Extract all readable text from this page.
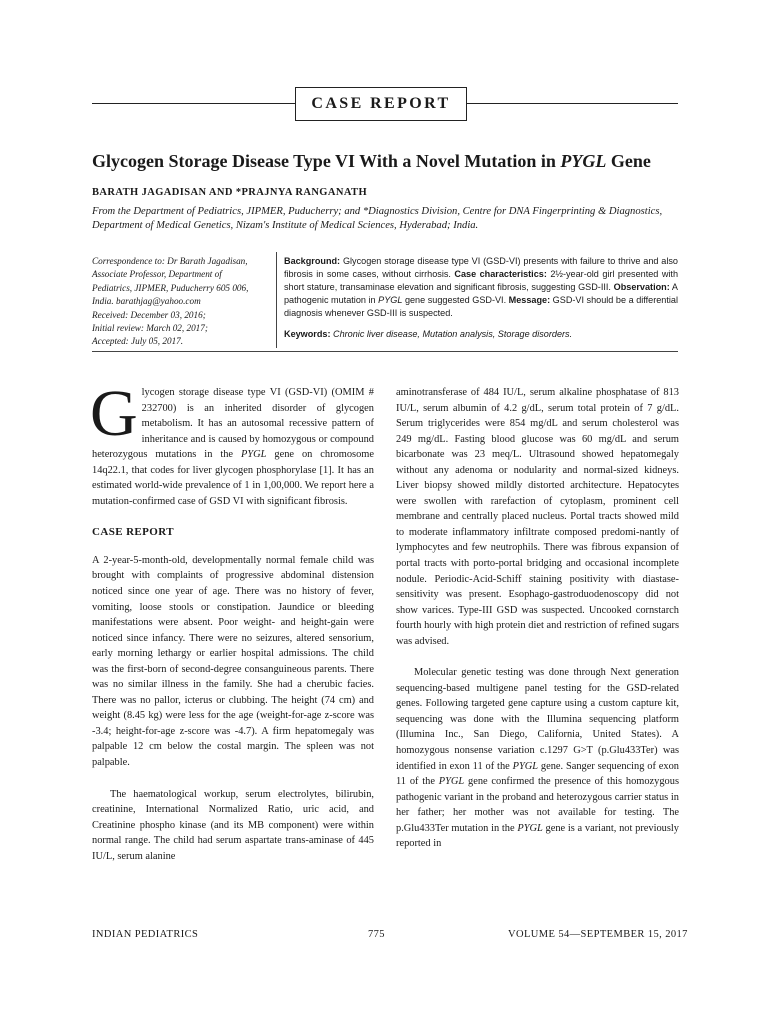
CASE REPORT
Glycogen Storage Disease Type VI With a Novel Mutation in PYGL Gene
BARATH JAGADISAN AND *PRAJNYA RANGANATH
From the Department of Pediatrics, JIPMER, Puducherry; and *Diagnostics Division, Centre for DNA Fingerprinting & Diagnostics, Department of Medical Genetics, Nizam's Institute of Medical Sciences, Hyderabad; India.
Correspondence to: Dr Barath Jagadisan,
Associate Professor, Department of
Pediatrics, JIPMER, Puducherry 605 006,
India. barathjag@yahoo.com
Received: December 03, 2016;
Initial review: March 02, 2017;
Accepted: July 05, 2017.
Background: Glycogen storage disease type VI (GSD-VI) presents with failure to thrive and also fibrosis in some cases, without cirrhosis. Case characteristics: 2½-year-old girl presented with short stature, transaminase elevation and significant fibrosis, suggesting GSD-III. Observation: A pathogenic mutation in PYGL gene suggested GSD-VI. Message: GSD-VI should be a differential diagnosis whenever GSD-III is suspected.
Keywords: Chronic liver disease, Mutation analysis, Storage disorders.

Glycogen storage disease type VI (GSD-VI) (OMIM # 232700) is an inherited disorder of glycogen metabolism. It has an autosomal recessive pattern of inheritance and is caused by homozygous or compound heterozygous mutations in the PYGL gene on chromosome 14q22.1, that codes for liver glycogen phosphorylase [1]. It has an estimated world-wide prevalence of 1 in 1,00,000. We report here a mutation-confirmed case of GSD VI with significant fibrosis.

CASE REPORT

A 2-year-5-month-old, developmentally normal female child was brought with complaints of progressive abdominal distension noticed since one year of age. There was no history of fever, vomiting, loose stools or constipation. Jaundice or bleeding manifestations were absent. Poor weight- and height-gain were noticed since infancy. There were no seizures, altered sensorium, early morning lethargy or earlier hospital admissions. The child was the first-born of second-degree consanguineous parents. There was no similar illness in the family. She had a cherubic facies. There was no pallor, icterus or clubbing. The height (74 cm) and weight (8.45 kg) were less for the age (weight-for-age z-score was -3.4; height-for-age z-score was -4.7). A firm hepatomegaly was palpable 12 cm below the costal margin. The spleen was not palpable.

The haematological workup, serum electrolytes, bilirubin, creatinine, International Normalized Ratio, uric acid, and Creatinine phospho kinase (and its MB component) were within normal range. The child had serum aspartate trans-aminase of 445 IU/L, serum alanine

aminotransferase of 484 IU/L, serum alkaline phosphatase of 813 IU/L, serum albumin of 4.2 g/dL, serum total protein of 7 g/dL. Serum triglycerides were 854 mg/dL and serum cholesterol was 249 mg/dL. Fasting blood glucose was 60 mg/dL and serum bicarbonate was 23 meq/L. Ultrasound showed hepatomegaly without any adenoma or nodularity and normal-sized kidneys. Liver biopsy showed mildly distorted architecture. Hepatocytes were swollen with rarefaction of cytoplasm, prominent cell membrane and centrally placed nucleus. Portal tracts showed mild to moderate inflammatory infiltrate composed predomi-nantly of lymphocytes and few neutrophils. There was fibrous expansion of portal tracts with porto-portal bridging and occasional incomplete nodule. Periodic-Acid-Schiff staining positivity with diastase-sensitivity was present. Esophago-gastroduodenoscopy did not show varices. Type-III GSD was suspected. Uncooked cornstarch fourth hourly with high protein diet and restriction of refined sugars was advised.

Molecular genetic testing was done through Next generation sequencing-based multigene panel testing for the GSD-related genes. Following targeted gene capture using a custom capture kit, sequencing was done with the Illumina sequencing platform (Illumina Inc., San Diego, California, United States). A homozygous nonsense variation c.1297 G>T (p.Glu433Ter) was identified in exon 11 of the PYGL gene. Sanger sequencing of exon 11 of the PYGL gene confirmed the presence of this homozygous pathogenic variant in the proband and heterozygous carrier status in her father; her mother was not available for testing. The p.Glu433Ter mutation in the PYGL gene is a variant, not previously reported in

INDIAN PEDIATRICS	775	VOLUME 54—SEPTEMBER 15, 2017
